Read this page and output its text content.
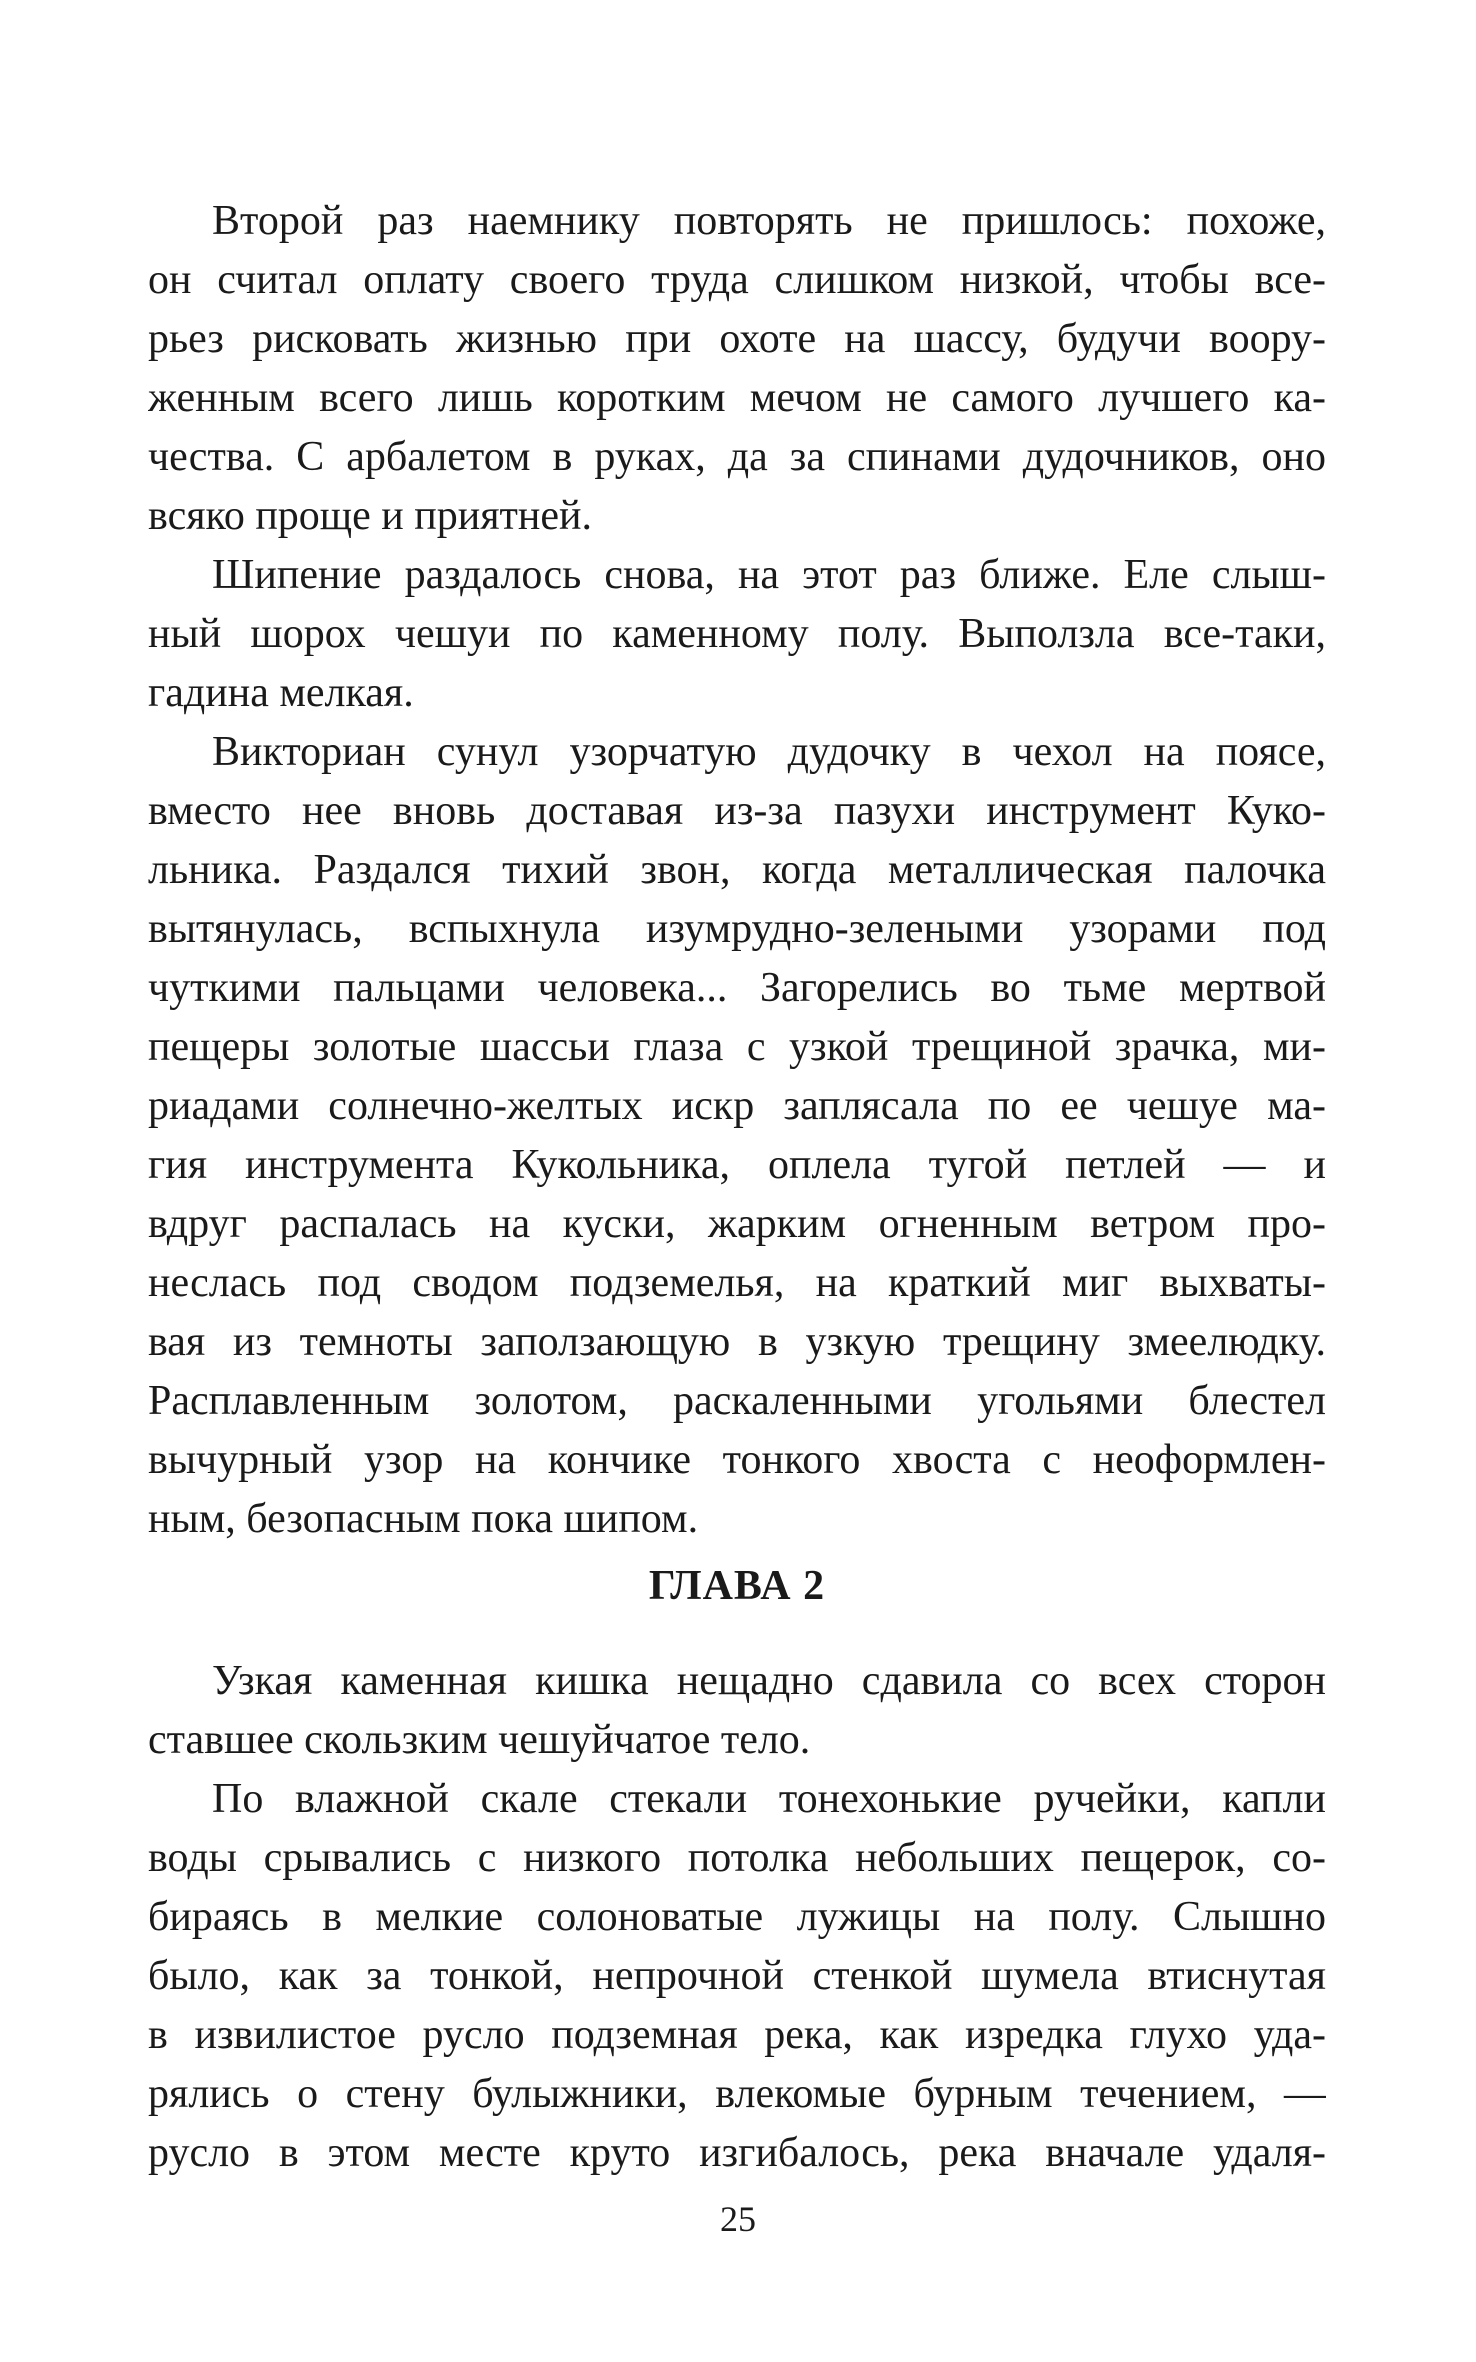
Второй раз наемнику повторять не пришлось: похоже,
он считал оплату своего труда слишком низкой, чтобы все-
рьез рисковать жизнью при охоте на шассу, будучи воору-
женным всего лишь коротким мечом не самого лучшего ка-
чества. С арбалетом в руках, да за спинами дудочников, оно
всяко проще и приятней.
Шипение раздалось снова, на этот раз ближе. Еле слыш-
ный шорох чешуи по каменному полу. Выползла все-таки,
гадина мелкая.
Викториан сунул узорчатую дудочку в чехол на поясе,
вместо нее вновь доставая из-за пазухи инструмент Куко-
льника. Раздался тихий звон, когда металлическая палочка
вытянулась, вспыхнула изумрудно-зелеными узорами под
чуткими пальцами человека... Загорелись во тьме мертвой
пещеры золотые шассьи глаза с узкой трещиной зрачка, ми-
риадами солнечно-желтых искр заплясала по ее чешуе ма-
гия инструмента Кукольника, оплела тугой петлей — и
вдруг распалась на куски, жарким огненным ветром про-
неслась под сводом подземелья, на краткий миг выхваты-
вая из темноты заползающую в узкую трещину змеелюдку.
Расплавленным золотом, раскаленными угольями блестел
вычурный узор на кончике тонкого хвоста с неоформлен-
ным, безопасным пока шипом.
ГЛАВА 2
Узкая каменная кишка нещадно сдавила со всех сторон
ставшее скользким чешуйчатое тело.
По влажной скале стекали тонехонькие ручейки, капли
воды срывались с низкого потолка небольших пещерок, со-
бираясь в мелкие солоноватые лужицы на полу. Слышно
было, как за тонкой, непрочной стенкой шумела втиснутая
в извилистое русло подземная река, как изредка глухо уда-
рялись о стену булыжники, влекомые бурным течением, —
русло в этом месте круто изгибалось, река вначале удаля-
25
